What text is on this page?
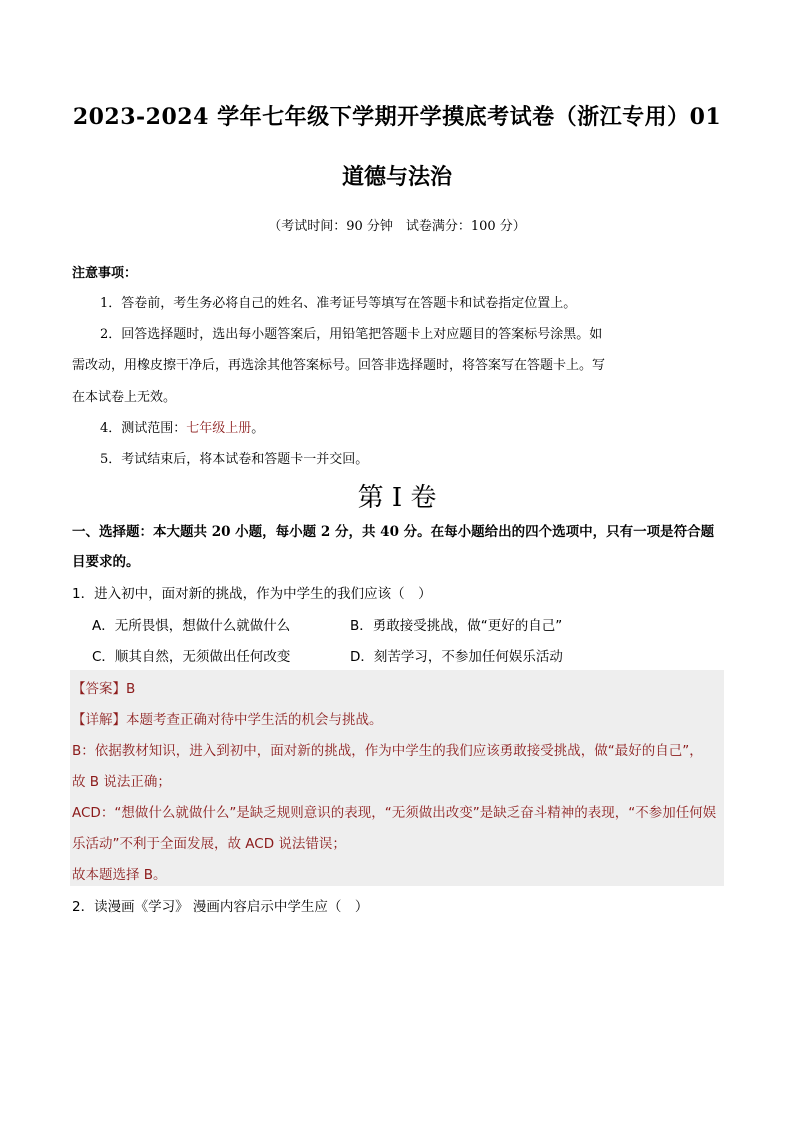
2023-2024 学年七年级下学期开学摸底考试卷（浙江专用）01
道德与法治
（考试时间：90 分钟　试卷满分：100 分）
注意事项：
1．答卷前，考生务必将自己的姓名、准考证号等填写在答题卡和试卷指定位置上。
2．回答选择题时，选出每小题答案后，用铅笔把答题卡上对应题目的答案标号涂黑。如
需改动，用橡皮擦干净后，再选涂其他答案标号。回答非选择题时，将答案写在答题卡上。写
在本试卷上无效。
4．测试范围：七年级上册。
5．考试结束后，将本试卷和答题卡一并交回。
第 I 卷
一、选择题：本大题共 20 小题，每小题 2 分，共 40 分。在每小题给出的四个选项中，只有一项是符合题
目要求的。
1．进入初中，面对新的挑战，作为中学生的我们应该（　）
A．无所畏惧，想做什么就做什么	B．勇敢接受挑战，做“更好的自己”
C．顺其自然，无须做出任何改变	D．刻苦学习，不参加任何娱乐活动
【答案】B
【详解】本题考查正确对待中学生活的机会与挑战。
B：依据教材知识，进入到初中，面对新的挑战，作为中学生的我们应该勇敢接受挑战，做“最好的自己”，
故 B 说法正确；
ACD：“想做什么就做什么”是缺乏规则意识的表现，“无须做出改变”是缺乏奋斗精神的表现，“不参加任何娱
乐活动”不利于全面发展，故 ACD 说法错误；
故本题选择 B。
2．读漫画《学习》 漫画内容启示中学生应（　）
